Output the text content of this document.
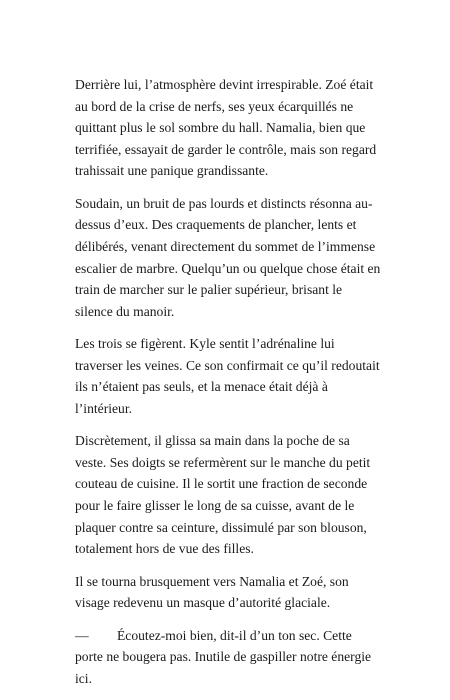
Derrière lui, l’atmosphère devint irrespirable. Zoé était au bord de la crise de nerfs, ses yeux écarquillés ne quittant plus le sol sombre du hall. Namalia, bien que terrifiée, essayait de garder le contrôle, mais son regard trahissait une panique grandissante.

Soudain, un bruit de pas lourds et distincts résonna au-dessus d’eux. Des craquements de plancher, lents et délibérés, venant directement du sommet de l’immense escalier de marbre. Quelqu’un ou quelque chose était en train de marcher sur le palier supérieur, brisant le silence du manoir.

Les trois se figèrent. Kyle sentit l’adrénaline lui traverser les veines. Ce son confirmait ce qu’il redoutait ils n’étaient pas seuls, et la menace était déjà à l’intérieur.

Discrètement, il glissa sa main dans la poche de sa veste. Ses doigts se refermèrent sur le manche du petit couteau de cuisine. Il le sortit une fraction de seconde pour le faire glisser le long de sa cuisse, avant de le plaquer contre sa ceinture, dissimulé par son blouson, totalement hors de vue des filles.

Il se tourna brusquement vers Namalia et Zoé, son visage redevenu un masque d’autorité glaciale.

— Écoutez-moi bien, dit-il d’un ton sec. Cette porte ne bougera pas. Inutile de gaspiller notre énergie ici.
